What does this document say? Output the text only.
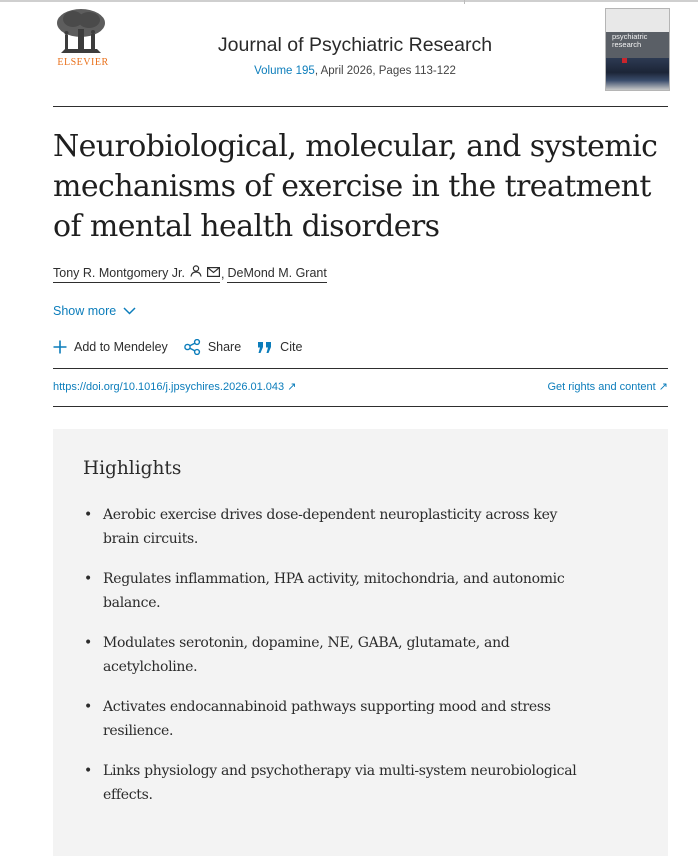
ELSEVIER
Journal of Psychiatric Research
Volume 195, April 2026, Pages 113-122
psychiatric research
Neurobiological, molecular, and systemic mechanisms of exercise in the treatment of mental health disorders
Tony R. Montgomery Jr.	, DeMond M. Grant
Show more
Add to Mendeley	Share	Cite
https://doi.org/10.1016/j.jpsychires.2026.01.043 ↗	Get rights and content ↗
Highlights
• Aerobic exercise drives dose-dependent neuroplasticity across key brain circuits.
• Regulates inflammation, HPA activity, mitochondria, and autonomic balance.
• Modulates serotonin, dopamine, NE, GABA, glutamate, and acetylcholine.
• Activates endocannabinoid pathways supporting mood and stress resilience.
• Links physiology and psychotherapy via multi-system neurobiological effects.
